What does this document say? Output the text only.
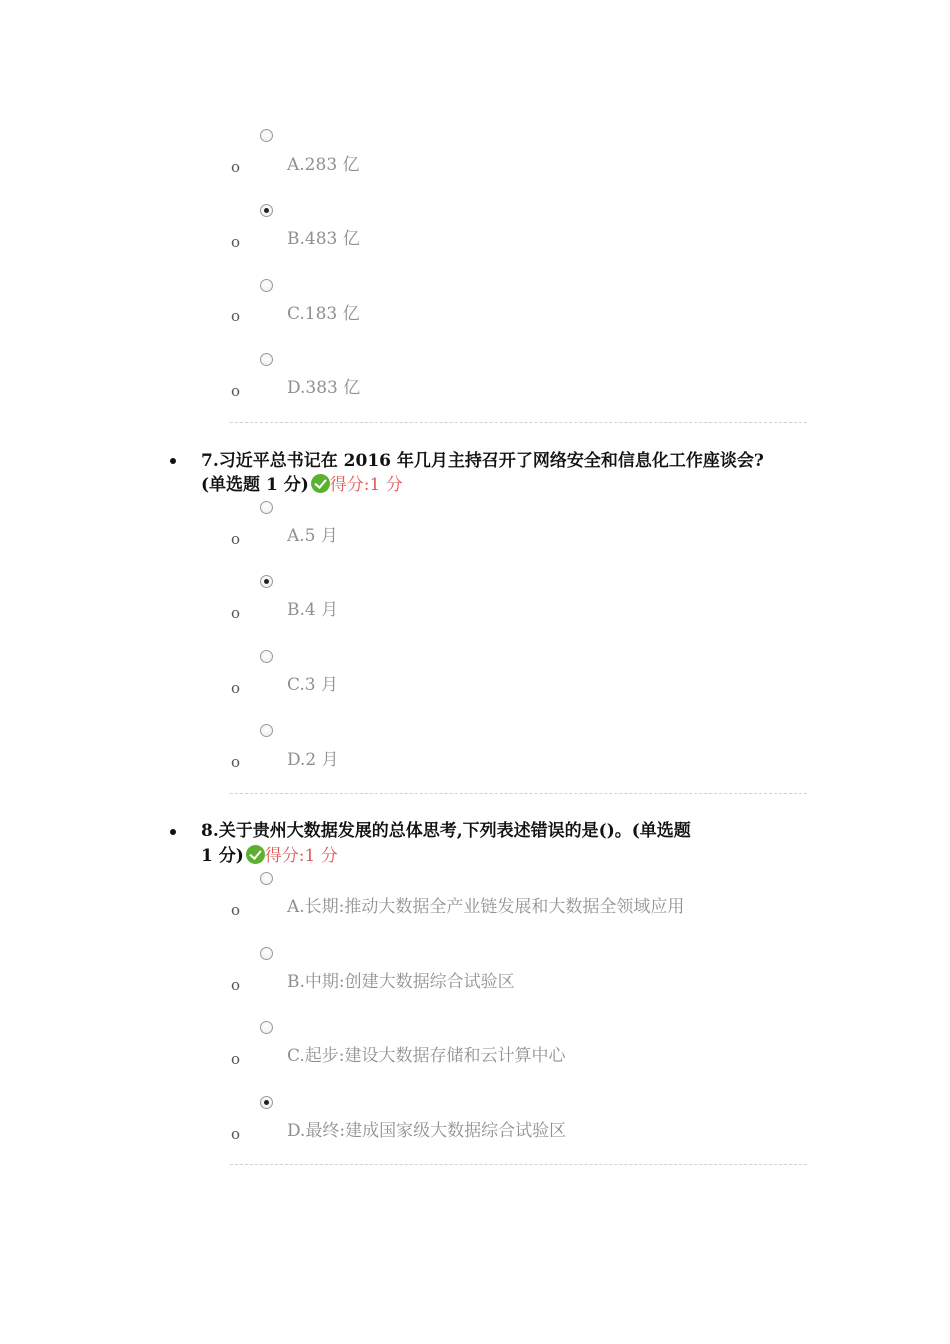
o	A.283 亿
o	B.483 亿
o	C.183 亿
o	D.383 亿
7.习近平总书记在 2016 年几月主持召开了网络安全和信息化工作座谈会?
(单选题 1 分) 得分:1 分
o	A.5 月
o	B.4 月
o	C.3 月
o	D.2 月
8.关于贵州大数据发展的总体思考,下列表述错误的是()。(单选题
1 分) 得分:1 分
o	A.长期:推动大数据全产业链发展和大数据全领域应用
o	B.中期:创建大数据综合试验区
o	C.起步:建设大数据存储和云计算中心
o	D.最终:建成国家级大数据综合试验区
